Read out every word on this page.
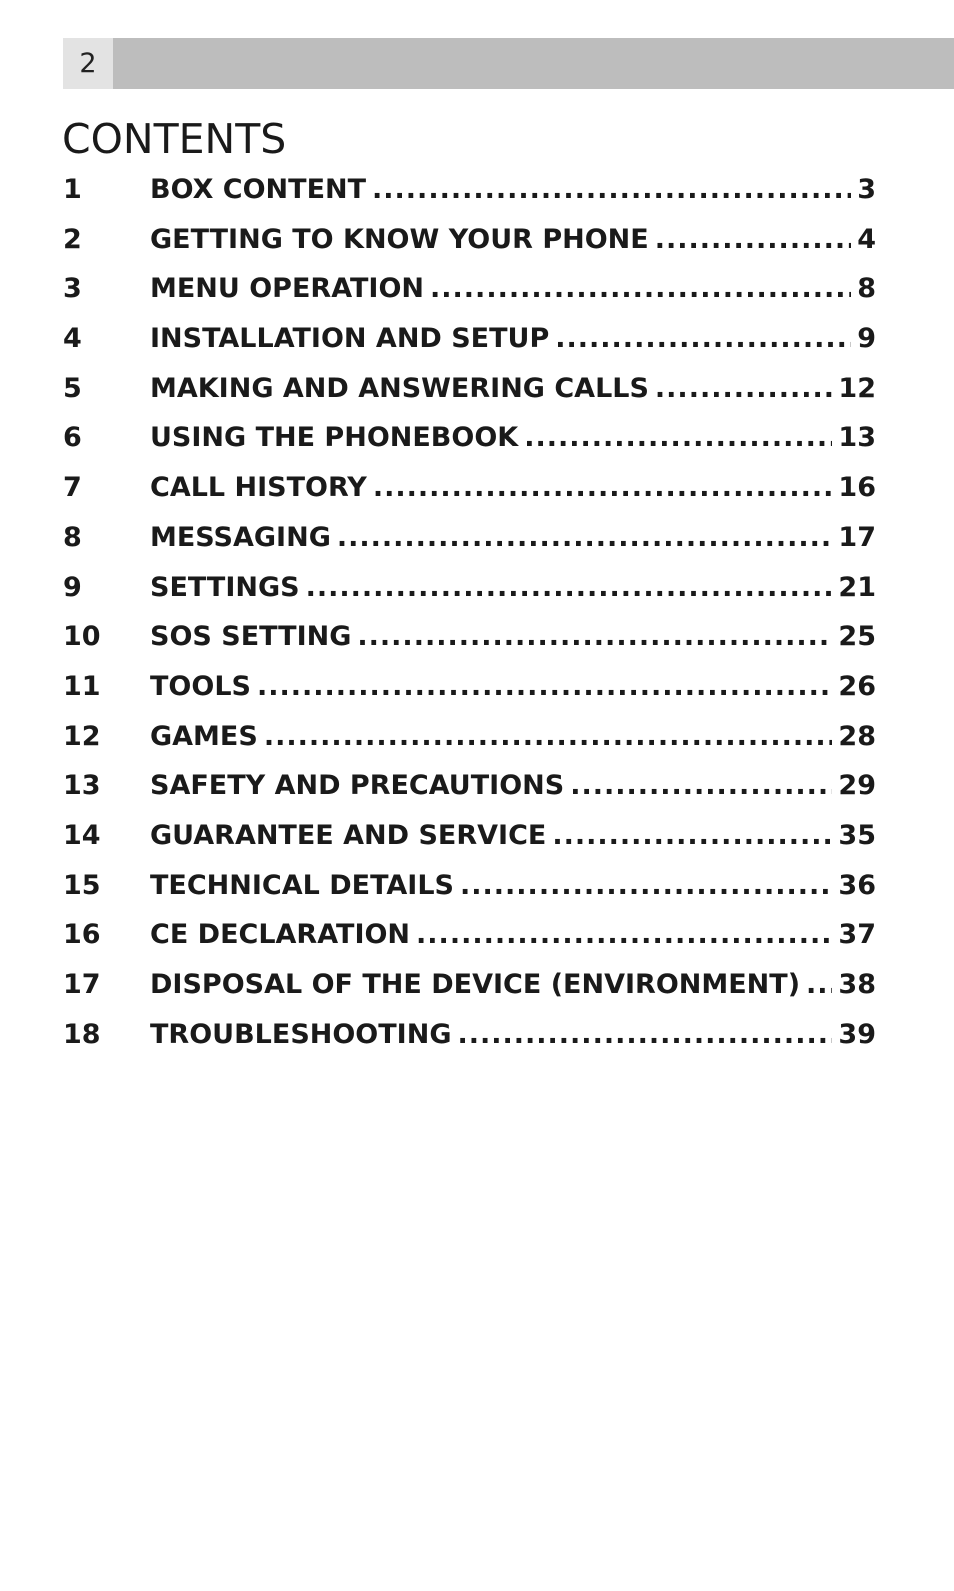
2
CONTENTS
1	BOX CONTENT .....	3
2	GETTING TO KNOW YOUR PHONE .....	4
3	MENU OPERATION .....	8
4	INSTALLATION AND SETUP .....	9
5	MAKING AND ANSWERING CALLS .....	12
6	USING THE PHONEBOOK .....	13
7	CALL HISTORY .....	16
8	MESSAGING .....	17
9	SETTINGS .....	21
10	SOS SETTING .....	25
11	TOOLS .....	26
12	GAMES .....	28
13	SAFETY AND PRECAUTIONS .....	29
14	GUARANTEE AND SERVICE .....	35
15	TECHNICAL DETAILS .....	36
16	CE DECLARATION .....	37
17	DISPOSAL OF THE DEVICE (ENVIRONMENT) ..... 38
18	TROUBLESHOOTING .....	39
